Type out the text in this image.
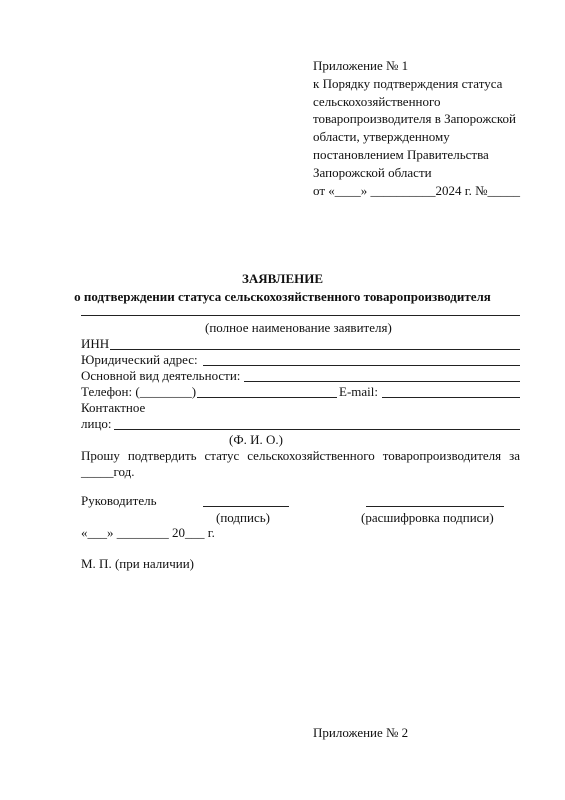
Приложение № 1
к Порядку подтверждения статуса
сельскохозяйственного
товаропроизводителя в Запорожской
области, утвержденному
постановлением Правительства
Запорожской области
от «____» __________2024 г. №_____
ЗАЯВЛЕНИЕ
о подтверждении статуса сельскохозяйственного товаропроизводителя
(полное наименование заявителя)
ИНН
Юридический адрес:
Основной вид деятельности:
Телефон: (________)	E-mail:
Контактное
лицо:
(Ф. И. О.)
Прошу подтвердить статус сельскохозяйственного товаропроизводителя за
_____год.
Руководитель
(подпись)	(расшифровка подписи)
«___» ________ 20___ г.
М. П. (при наличии)
Приложение № 2
